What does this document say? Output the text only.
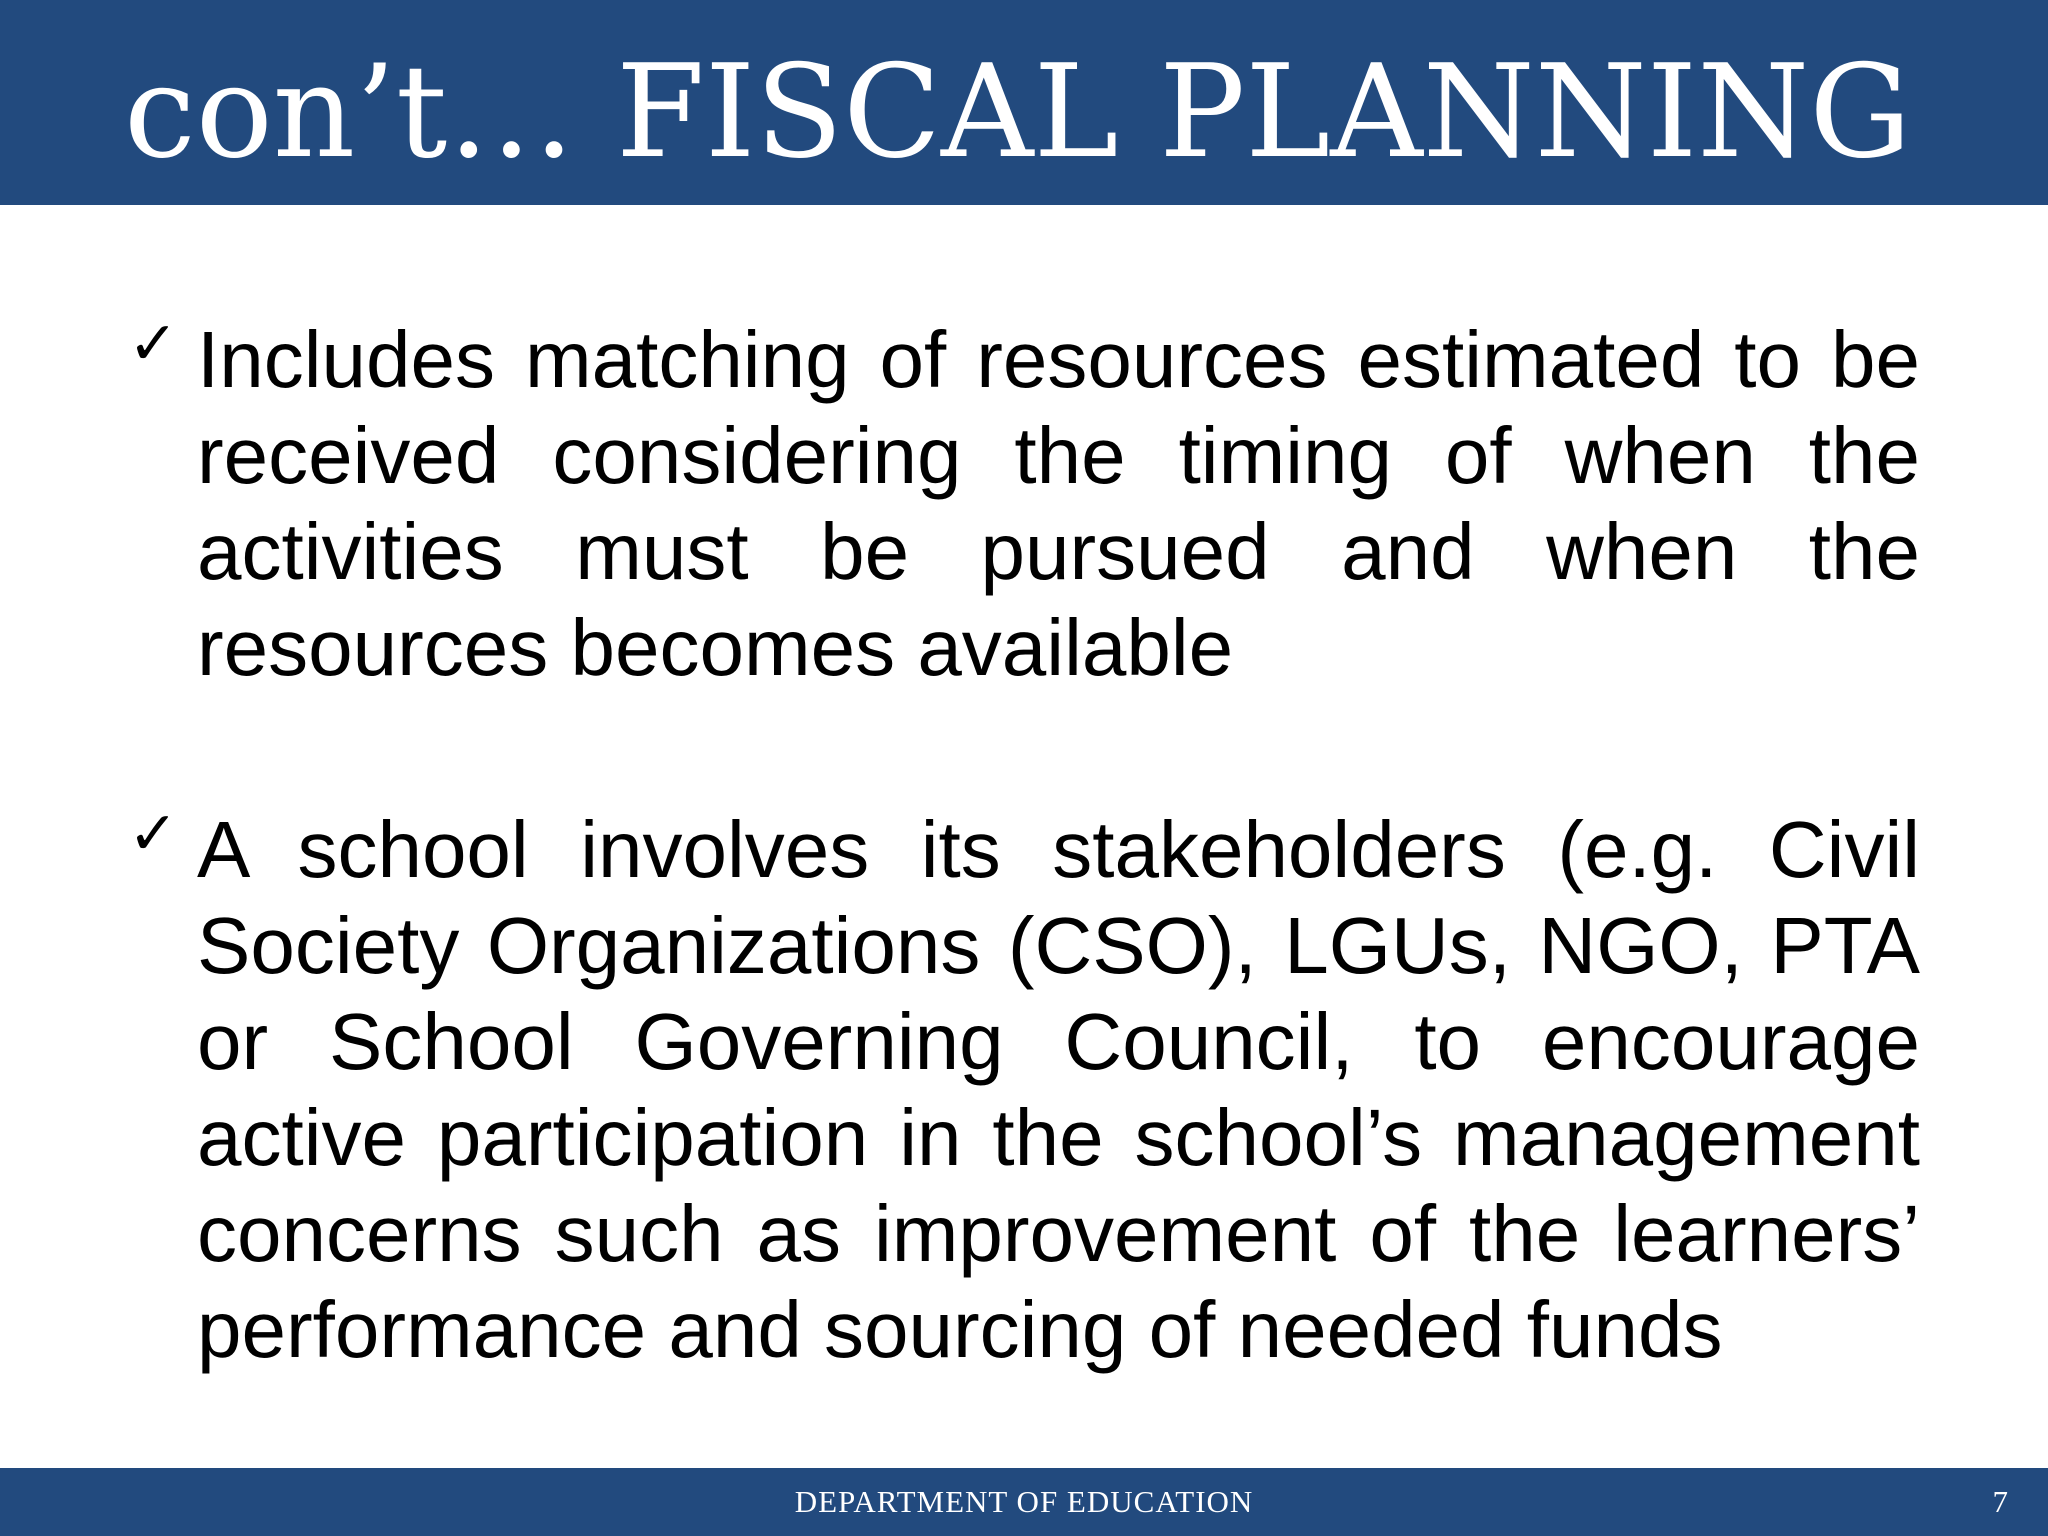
con’t… FISCAL PLANNING
✓ Includes matching of resources estimated to be received considering the timing of when the activities must be pursued and when the resources becomes available
✓ A school involves its stakeholders (e.g. Civil Society Organizations (CSO), LGUs, NGO, PTA or School Governing Council, to encourage active participation in the school’s management concerns such as improvement of the learners’ performance and sourcing of needed funds
DEPARTMENT OF EDUCATION	7
